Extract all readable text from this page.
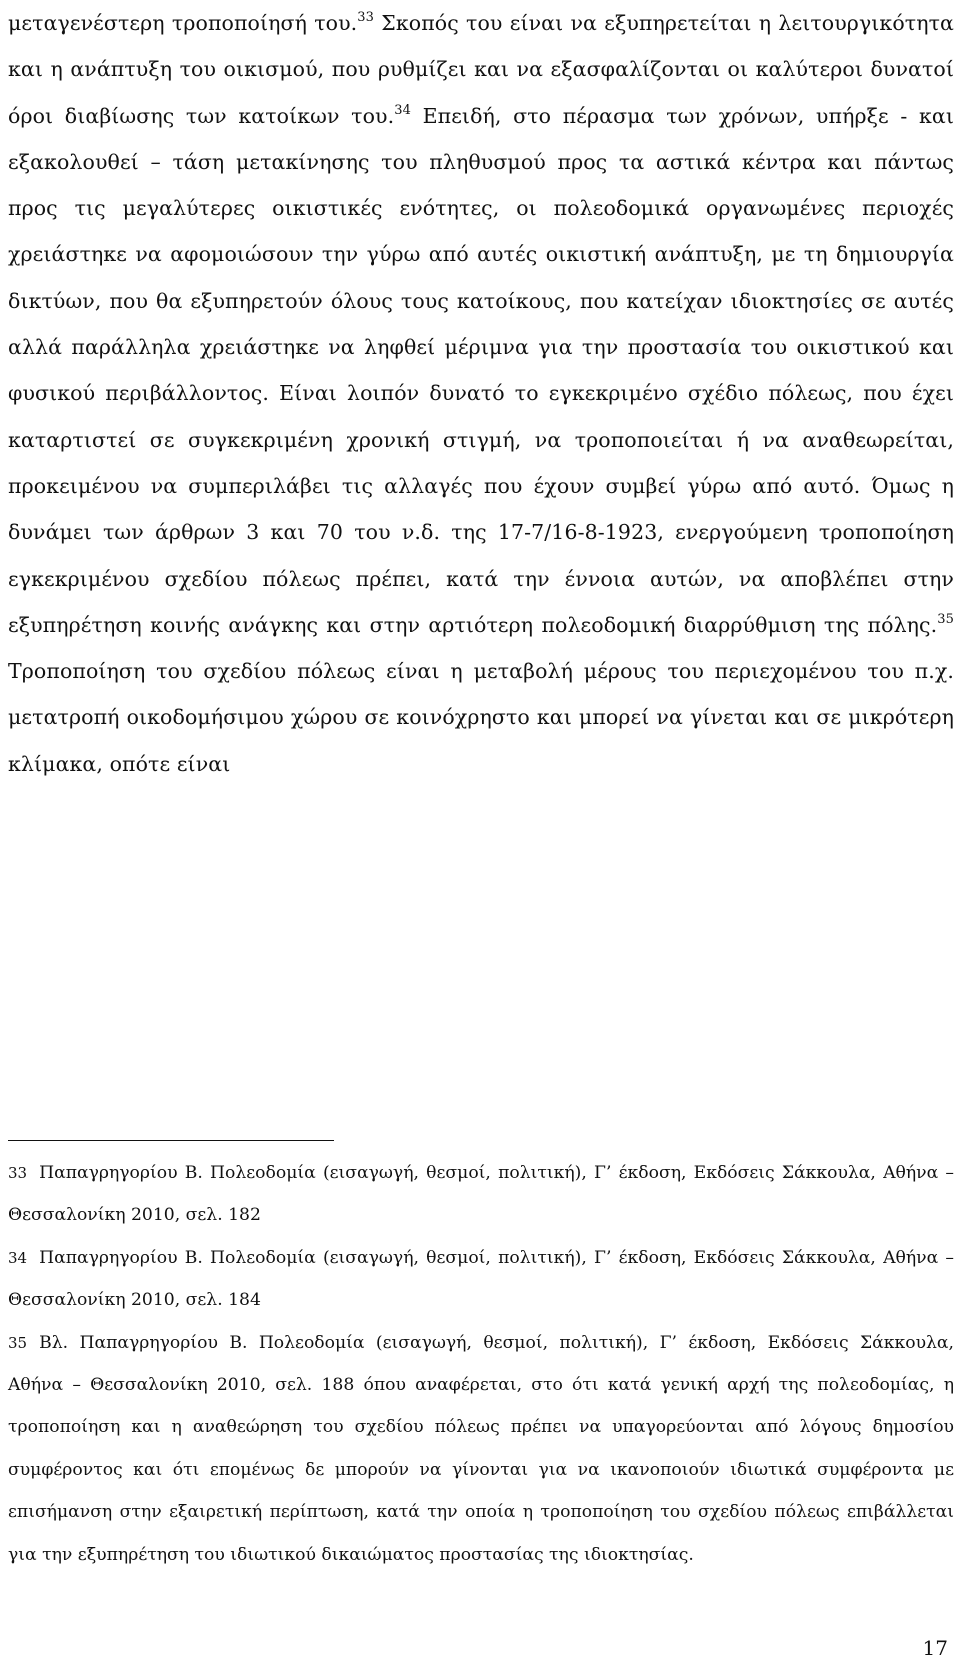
μεταγενέστερη τροποποίησή του.$^{33}$ Σκοπός του είναι να εξυπηρετείται η λειτουργικότητα και η ανάπτυξη του οικισμού, που ρυθμίζει και να εξασφαλίζονται οι καλύτεροι δυνατοί όροι διαβίωσης των κατοίκων του.$^{34}$ Επειδή, στο πέρασμα των χρόνων, υπήρξε - και εξακολουθεί – τάση μετακίνησης του πληθυσμού προς τα αστικά κέντρα και πάντως προς τις μεγαλύτερες οικιστικές ενότητες, οι πολεοδομικά οργανωμένες περιοχές χρειάστηκε να αφομοιώσουν την γύρω από αυτές οικιστική ανάπτυξη, με τη δημιουργία δικτύων, που θα εξυπηρετούν όλους τους κατοίκους, που κατείχαν ιδιοκτησίες σε αυτές αλλά παράλληλα χρειάστηκε να ληφθεί μέριμνα για την προστασία του οικιστικού και φυσικού περιβάλλοντος. Είναι λοιπόν δυνατό το εγκεκριμένο σχέδιο πόλεως, που έχει καταρτιστεί σε συγκεκριμένη χρονική στιγμή, να τροποποιείται ή να αναθεωρείται, προκειμένου να συμπεριλάβει τις αλλαγές που έχουν συμβεί γύρω από αυτό. Όμως η δυνάμει των άρθρων 3 και 70 του ν.δ. της 17-7/16-8-1923, ενεργούμενη τροποποίηση εγκεκριμένου σχεδίου πόλεως πρέπει, κατά την έννοια αυτών, να αποβλέπει στην εξυπηρέτηση κοινής ανάγκης και στην αρτιότερη πολεοδομική διαρρύθμιση της πόλης.$^{35}$ Τροποποίηση του σχεδίου πόλεως είναι η μεταβολή μέρους του περιεχομένου του π.χ. μετατροπή οικοδομήσιμου χώρου σε κοινόχρηστο και μπορεί να γίνεται και σε μικρότερη κλίμακα, οπότε είναι

33 Παπαγρηγορίου Β. Πολεοδομία (εισαγωγή, θεσμοί, πολιτική), Γ’ έκδοση, Εκδόσεις Σάκκουλα, Αθήνα – Θεσσαλονίκη 2010, σελ. 182

34 Παπαγρηγορίου Β. Πολεοδομία (εισαγωγή, θεσμοί, πολιτική), Γ’ έκδοση, Εκδόσεις Σάκκουλα, Αθήνα – Θεσσαλονίκη 2010, σελ. 184

35 Βλ. Παπαγρηγορίου Β. Πολεοδομία (εισαγωγή, θεσμοί, πολιτική), Γ’ έκδοση, Εκδόσεις Σάκκουλα, Αθήνα – Θεσσαλονίκη 2010, σελ. 188 όπου αναφέρεται, στο ότι κατά γενική αρχή της πολεοδομίας, η τροποποίηση και η αναθεώρηση του σχεδίου πόλεως πρέπει να υπαγορεύονται από λόγους δημοσίου συμφέροντος και ότι επομένως δε μπορούν να γίνονται για να ικανοποιούν ιδιωτικά συμφέροντα με επισήμανση στην εξαιρετική περίπτωση, κατά την οποία η τροποποίηση του σχεδίου πόλεως επιβάλλεται για την εξυπηρέτηση του ιδιωτικού δικαιώματος προστασίας της ιδιοκτησίας.

17
